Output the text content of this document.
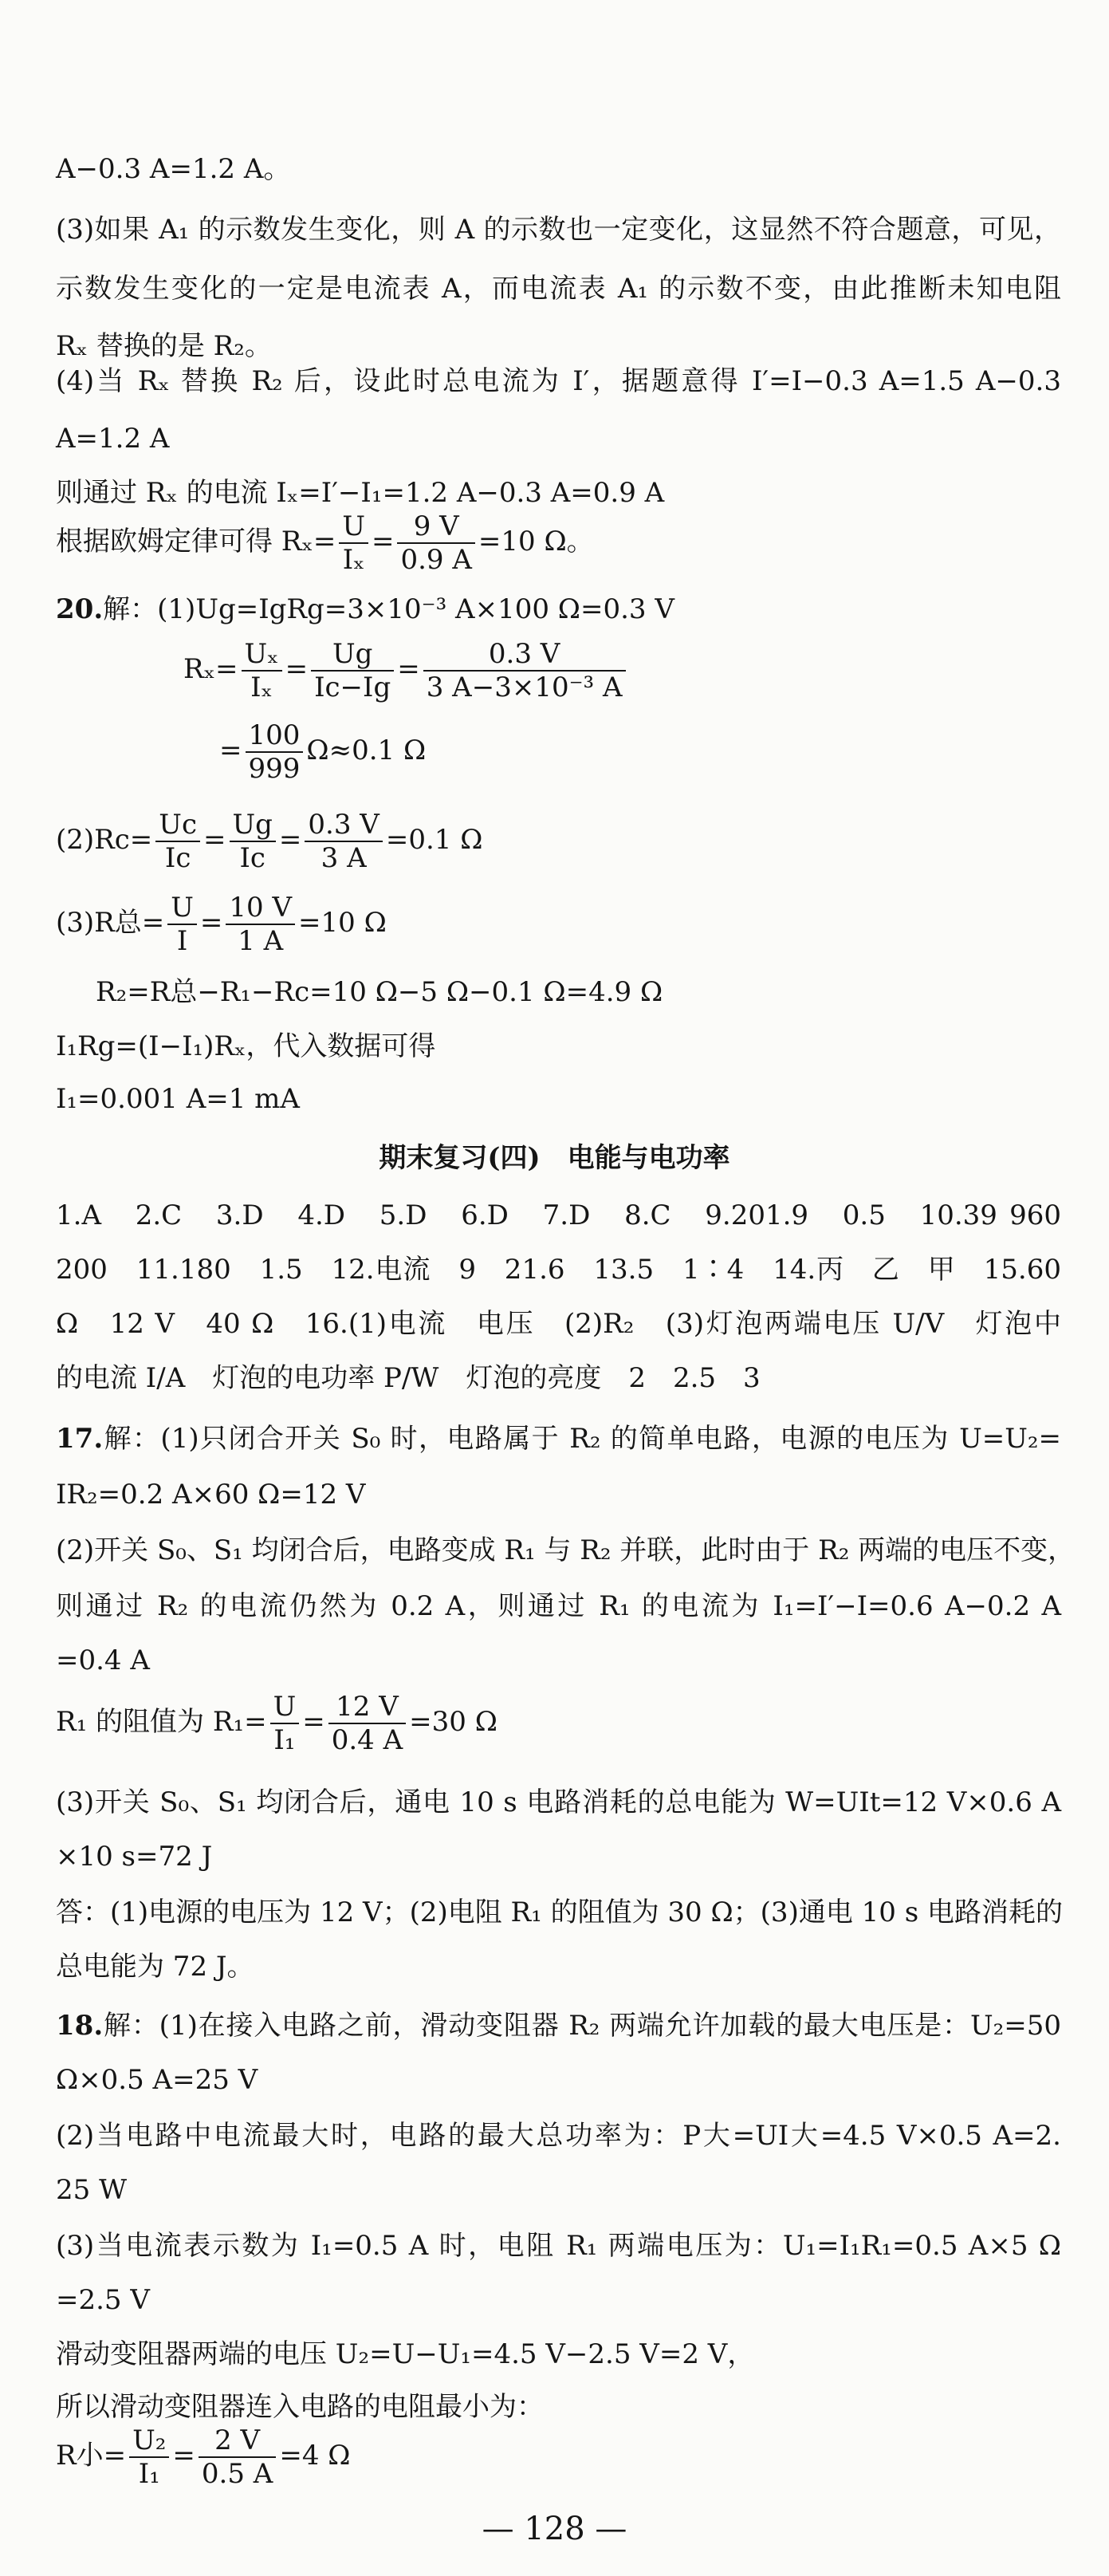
A−0.3 A=1.2 A。
(3)如果 A₁ 的示数发生变化，则 A 的示数也一定变化，这显然不符合题意，可见，
示数发生变化的一定是电流表 A，而电流表 A₁ 的示数不变，由此推断未知电阻
Rₓ 替换的是 R₂。
(4)当 Rₓ 替换 R₂ 后，设此时总电流为 I′，据题意得 I′=I−0.3 A=1.5 A−0.3
A=1.2 A
则通过 Rₓ 的电流 Iₓ=I′−I₁=1.2 A−0.3 A=0.9 A
根据欧姆定律可得 $R_x= \frac{U}{\text{Iₓ}} = \frac{9 V}{0.9 A} =10$ Ω。
20.解：(1)Ug=IgRg=3×10⁻³ A×100 Ω=0.3 V
$R_x= \frac{\text{Uₓ}}{\text{Iₓ}} = \frac{Ug}{Ic-Ig} = \frac{0.3 V}{\text{3 A−3×10⁻³ A}}$
= $\frac{100}{999} \Omega\approx 0.1$ Ω
$(2)Rc= \frac{Uc}{Ic} = \frac{Ug}{Ic} = \frac{0.3 V}{3 A} =0.1$ Ω
(3)R总= $\frac{U}{I} = \frac{10 V}{1 A} =10$ Ω
R₂=R总−R₁−Rc=10 Ω−5 Ω−0.1 Ω=4.9 Ω
I₁Rg=(I−I₁)Rₓ，代入数据可得
I₁=0.001 A=1 mA
期末复习(四)　电能与电功率
1.A　2.C　3.D　4.D　5.D　6.D　7.D　8.C　9.201.9　0.5　10.39 960
200　11.180　1.5　12.电流　9　21.6　13.5　1∶4　14.丙　乙　甲　15.60
Ω　12 V　40 Ω　16.(1)电流　电压　(2)R₂　(3)灯泡两端电压 U/V　灯泡中
的电流 I/A　灯泡的电功率 P/W　灯泡的亮度　2　2.5　3
17.解：(1)只闭合开关 S₀ 时，电路属于 R₂ 的简单电路，电源的电压为 U=U₂=
IR₂=0.2 A×60 Ω=12 V
(2)开关 S₀、S₁ 均闭合后，电路变成 R₁ 与 R₂ 并联，此时由于 R₂ 两端的电压不变，
则通过 R₂ 的电流仍然为 0.2 A，则通过 R₁ 的电流为 I₁=I′−I=0.6 A−0.2 A
=0.4 A
R₁ 的阻值为 $R_1= \frac{U}{\text{I₁}} = \frac{12 V}{0.4 A} =30$ Ω
(3)开关 S₀、S₁ 均闭合后，通电 10 s 电路消耗的总电能为 W=UIt=12 V×0.6 A
×10 s=72 J
答：(1)电源的电压为 12 V；(2)电阻 R₁ 的阻值为 30 Ω；(3)通电 10 s 电路消耗的
总电能为 72 J。
18.解：(1)在接入电路之前，滑动变阻器 R₂ 两端允许加载的最大电压是：U₂=50
Ω×0.5 A=25 V
(2)当电路中电流最大时，电路的最大总功率为：P大=UI大=4.5 V×0.5 A=2.
25 W
(3)当电流表示数为 I₁=0.5 A 时，电阻 R₁ 两端电压为：U₁=I₁R₁=0.5 A×5 Ω
=2.5 V
滑动变阻器两端的电压 U₂=U−U₁=4.5 V−2.5 V=2 V，
所以滑动变阻器连入电路的电阻最小为：
R小= $\frac{\text{U₂}}{\text{I₁}} = \frac{2 V}{0.5 A} =4$ Ω
— 128 —
